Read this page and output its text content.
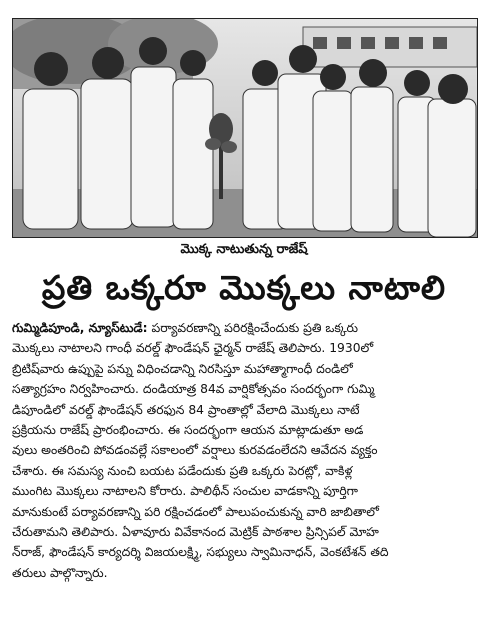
మొక్క నాటుతున్న రాజేష్
ప్రతి ఒక్కరూ మొక్కలు నాటాలి
గుమ్మిడిపూండి, న్యూస్‌టుడే: పర్యావరణాన్ని పరిరక్షించేందుకు ప్రతి ఒక్కరు
మొక్కలు నాటాలని గాంధీ వరల్డ్ ఫౌండేషన్ ఛైర్మన్ రాజేష్ తెలిపారు. 1930లో
బ్రిటిష్‌వారు ఉప్పుపై పన్ను విధించడాన్ని నిరసిస్తూ మహాత్మాగాంధీ దండిలో
సత్యాగ్రహం నిర్వహించారు. దండియాత్ర 84వ వార్షికోత్సవం సందర్భంగా గుమ్మి
డిపూండిలో వరల్డ్ ఫౌండేషన్ తరఫున 84 ప్రాంతాల్లో వేలాది మొక్కలు నాటే
ప్రక్రియను రాజేష్ ప్రారంభించారు. ఈ సందర్భంగా ఆయన మాట్లాడుతూ అడ
వులు అంతరించి పోవడంవల్లే సకాలంలో వర్షాలు కురవడంలేదని ఆవేదన వ్యక్తం
చేశారు. ఈ సమస్య నుంచి బయట పడేందుకు ప్రతి ఒక్కరు పెరట్లో, వాకిళ్ల
ముంగిట మొక్కలు నాటాలని కోరారు. పాలిథీన్ సంచుల వాడకాన్ని పూర్తిగా
మానుకుంటే పర్యావరణాన్ని పరి రక్షించడంలో పాలుపంచుకున్న వారి జాబితాలో
చేరుతామని తెలిపారు. ఏళావూరు వివేకానంద మెట్రిక్ పాఠశాల ప్రిన్సిపల్ మోహ
న్‌రాజ్, ఫౌండేషన్ కార్యదర్శి విజయలక్ష్మి, సభ్యులు స్వామినాధన్, వెంకటేశన్ తది
తరులు పాల్గొన్నారు.
